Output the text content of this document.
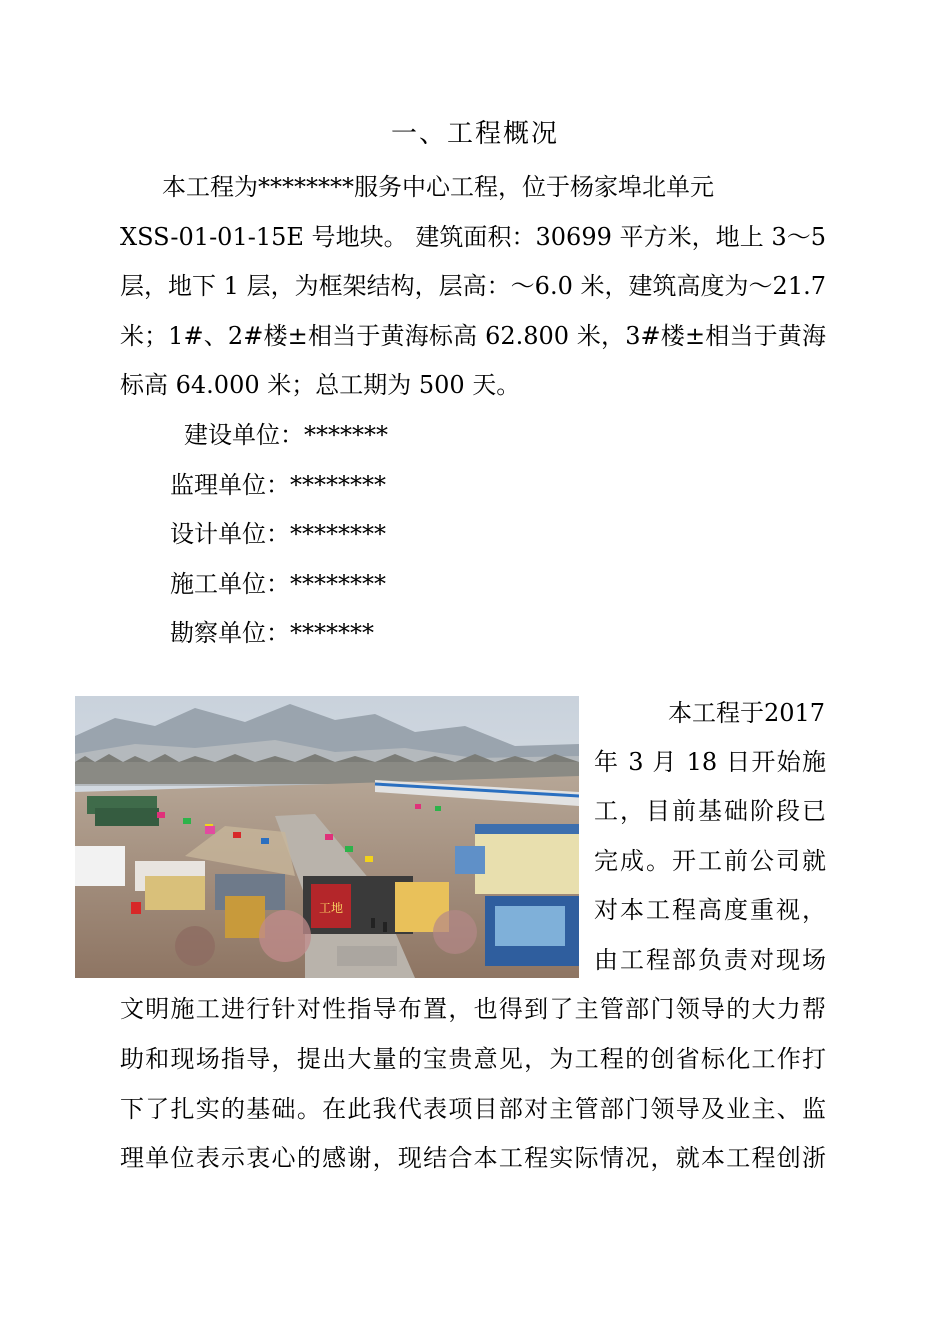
一、工程概况
本工程为********服务中心工程，位于杨家埠北单元
XSS-01-01-15E 号地块。 建筑面积：30699 平方米，地上 3～5
层，地下 1 层，为框架结构，层高：～6.0 米，建筑高度为～21.7
米；1#、2#楼±相当于黄海标高 62.800 米，3#楼±相当于黄海
标高 64.000 米；总工期为 500 天。
建设单位：*******
监理单位：********
设计单位：********
施工单位：********
勘察单位：*******
工地
本工程于2017
年 3 月 18 日开始施
工，目前基础阶段已
完成。开工前公司就
对本工程高度重视，
由工程部负责对现场
文明施工进行针对性指导布置，也得到了主管部门领导的大力帮
助和现场指导，提出大量的宝贵意见，为工程的创省标化工作打
下了扎实的基础。在此我代表项目部对主管部门领导及业主、监
理单位表示衷心的感谢，现结合本工程实际情况，就本工程创浙
